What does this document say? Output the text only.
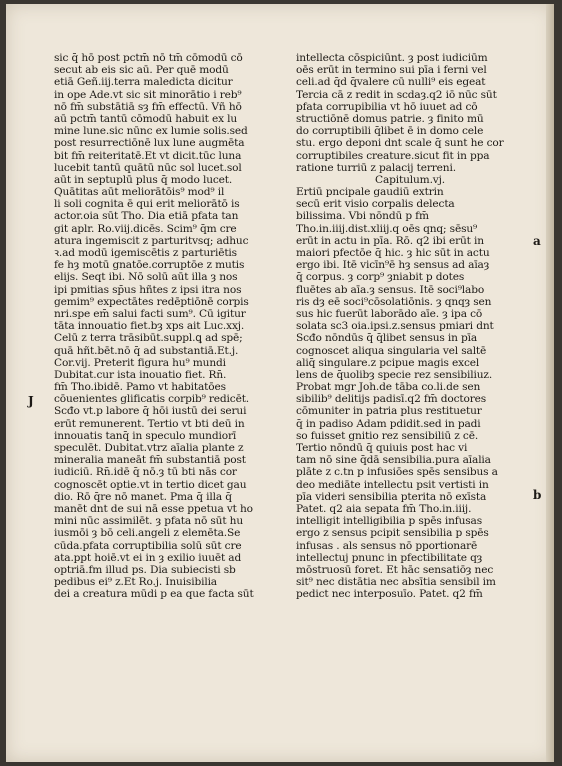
sic q̄ hō post pctm̄ nō tm̄ cōmodū cō
secut ab eis sic aū. Per quē modū
etiā Geñ.iij.terra maledicta dicitur
in ope Ade.vt sic sit minorātio i reb⁹
nō fm̄ substātiā sȝ fm̄ effectū. Vñ hō
aū pctm̄ tantū cōmodū habuit ex lu
mine lune.sic nūnc ex lumie solis.sed
post resurrectiōnē lux lune augmēta
bit fm̄ reiteritatē.Et vt dicit.tūc luna
lucebit tantū quātū nūc sol lucet.sol
aūt in septuplū plus q̄ modo lucet.
Quātitas aūt meliorātōis⁹ mod⁹ il
li soli cognita ē qui erit meliorātō is
actor.oia sūt Tho. Dia etiā pfata tan
git aplr. Ro.viij.dicēs. Scim⁹ q̄m cre
atura ingemiscit z parturitvsq; adhuc
ꝛ.ad modū igemiscētis z parturiētis
fe hȝ motū gnatōe.corruptōe z mutis
elijs. Seqt ibi. Nō solū aūt illa ȝ nos
ipi pmitias sp̄us hñtes z ipsi itra nos
gemim⁹ expectātes redēptiōnē corpis
nri.spe em̄ salui facti sum⁹. Cū igitur
tāta innouatio fiet.bȝ xps ait Luc.xxj.
Celū z terra trāsibūt.suppl.ꝗ ad spē;
quā hñt.bēt.nō q̄ ad substantiā.Et.j.
Cor.vij. Preterit figura hu⁹ mundi
Dubitat.cur ista inouatio fiet. Rn̄.
fm̄ Tho.ibidē. Pamo vt habitatōes
cōuenientes glificatis corpib⁹ redicēt.
Scđo vt.p labore q̄ hōi iustū dei serui
erūt remunerent. Tertio vt bti deū in
innouatis tanq̄ in speculo mundiorī
speculēt. Dubitat.vtrz aīalia plante z
mineralia maneāt fm̄ substantiā post
iudiciū. Rn̄.idē q̄ nō.ȝ tū bti nās cor
cognoscēt optie.vt in tertio dicet gau
dio. Rō q̄re nō manet. Pma q̄ illa q̄
manēt dnt de sui nā esse ppetua vt ho
mini nūc assimilēt. ȝ pfata nō sūt hu
iusmōi ȝ bō celi.angeli z elemēta.Se
cūda.pfata corruptibilia solū sūt cre
ata.ppt hoiē.vt ei in ȝ exilio iuuēt ad
optriā.fm illud ps. Dia subiecisti sb
pedibus ei⁹ z.Et Ro.j. Inuisibilia
dei a creatura mūdi p ea que facta sūt
intellecta cōspiciūnt. ȝ post iudiciūm
oēs erūt in termino sui pīa i ferni vel
celi.ad q̄d q̄valere cū nulli⁹ eis egeat
Tercia cā z redit in scdaȝ.q2 iō nūc sūt
pfata corrupibilia vt hō iuuet ad cō
structiōnē domus patrie. ȝ finito mū
do corruptibili q̄libet ē in domo cele
stu. ergo deponi dnt scale q̄ sunt he cor
corruptibiles creature.sicut fit in ppa
ratione turriū z palacij terreni.
Capitulum.vj.
Ertiū pncipale gaudiū extrin
secū erit visio corpalis delecta
bilissima. Vbi nōndū p fm̄
Tho.in.iiij.dist.xliij.q oēs qnq; sēsu⁹
erūt in actu in pīa. Rō. q2 ibi erūt in
maiori pfectōe q̄ hic. ȝ hic sūt in actu
ergo ibi. Itē vicīn⁹ē hȝ sensus ad aīaȝ
q̄ corpus. ȝ corp⁹ ȝniabit p dotes
fluētes ab aīa.ȝ sensus. Itē soci⁹labo
ris dȝ eē soci⁹cōsolatiōnis. ȝ qnqȝ sen
sus hic fuerūt laborādo aīe. ȝ ipa cō
solata sc3 oia.ipsi.z.sensus pmiari dnt
Scđo nōndūs q̄ q̄libet sensus in pīa
cognoscet aliqua singularia vel saltē
aliq̄ singulare.z pcipue magis excel
lens de q̄uolibȝ specie rez sensibiliuz.
Probat mgr Joh.de tāba co.li.de sen
sibilib⁹ delitijs padisī.q2 fm̄ doctores
cōmuniter in patria plus restituetur
q̄ in padiso Adam pdidit.sed in padi
so fuisset gnitio rez sensibiliū z cē.
Tertio nōndū q̄ quiuis post hac vi
tam nō sine q̄dā sensibilia.pura aīalia
plāte z c.tn p infusiōes spēs sensibus a
deo mediāte intellectu psit vertisti in
pīa videri sensibilia pterita nō exīsta
Patet. q2 aia sepata fm̄ Tho.in.iiij.
intelligit intelligibilia p spēs infusas
ergo z sensus pcipit sensibilia p spēs
infusas . als sensus nō pportionarē
intellectuj pnunc in pfectibilitate qȝ
mōstruosū foret. Et hāc sensatiōȝ nec
sit⁹ nec distātia nec absītia sensibil̄ im
pedict nec interposuīo. Patet. q2 fm̄
J
a
b
